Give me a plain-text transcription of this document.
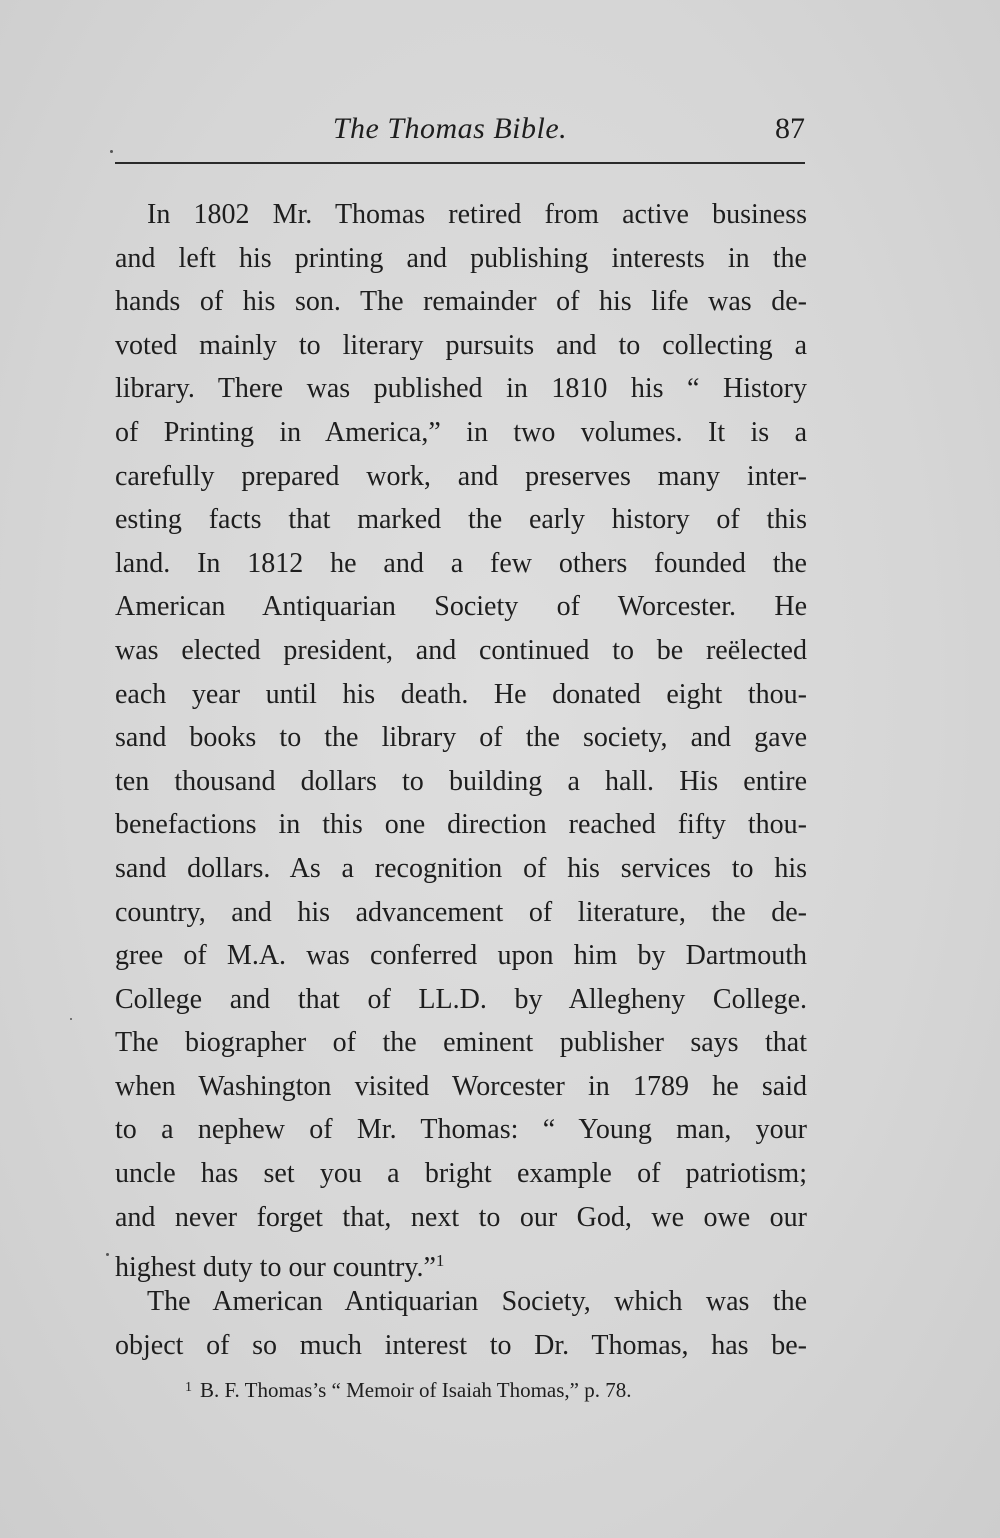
The Thomas Bible.	87
In 1802 Mr. Thomas retired from active business
and left his printing and publishing interests in the
hands of his son. The remainder of his life was de-
voted mainly to literary pursuits and to collecting a
library. There was published in 1810 his “ History
of Printing in America,” in two volumes. It is a
carefully prepared work, and preserves many inter-
esting facts that marked the early history of this
land. In 1812 he and a few others founded the
American Antiquarian Society of Worcester. He
was elected president, and continued to be reëlected
each year until his death. He donated eight thou-
sand books to the library of the society, and gave
ten thousand dollars to building a hall. His entire
benefactions in this one direction reached fifty thou-
sand dollars. As a recognition of his services to his
country, and his advancement of literature, the de-
gree of M.A. was conferred upon him by Dartmouth
College and that of LL.D. by Allegheny College.
The biographer of the eminent publisher says that
when Washington visited Worcester in 1789 he said
to a nephew of Mr. Thomas: “ Young man, your
uncle has set you a bright example of patriotism;
and never forget that, next to our God, we owe our
highest duty to our country.”$^1$
The American Antiquarian Society, which was the
object of so much interest to Dr. Thomas, has be-
$^1$ B. F. Thomas’s “ Memoir of Isaiah Thomas,” p. 78.
